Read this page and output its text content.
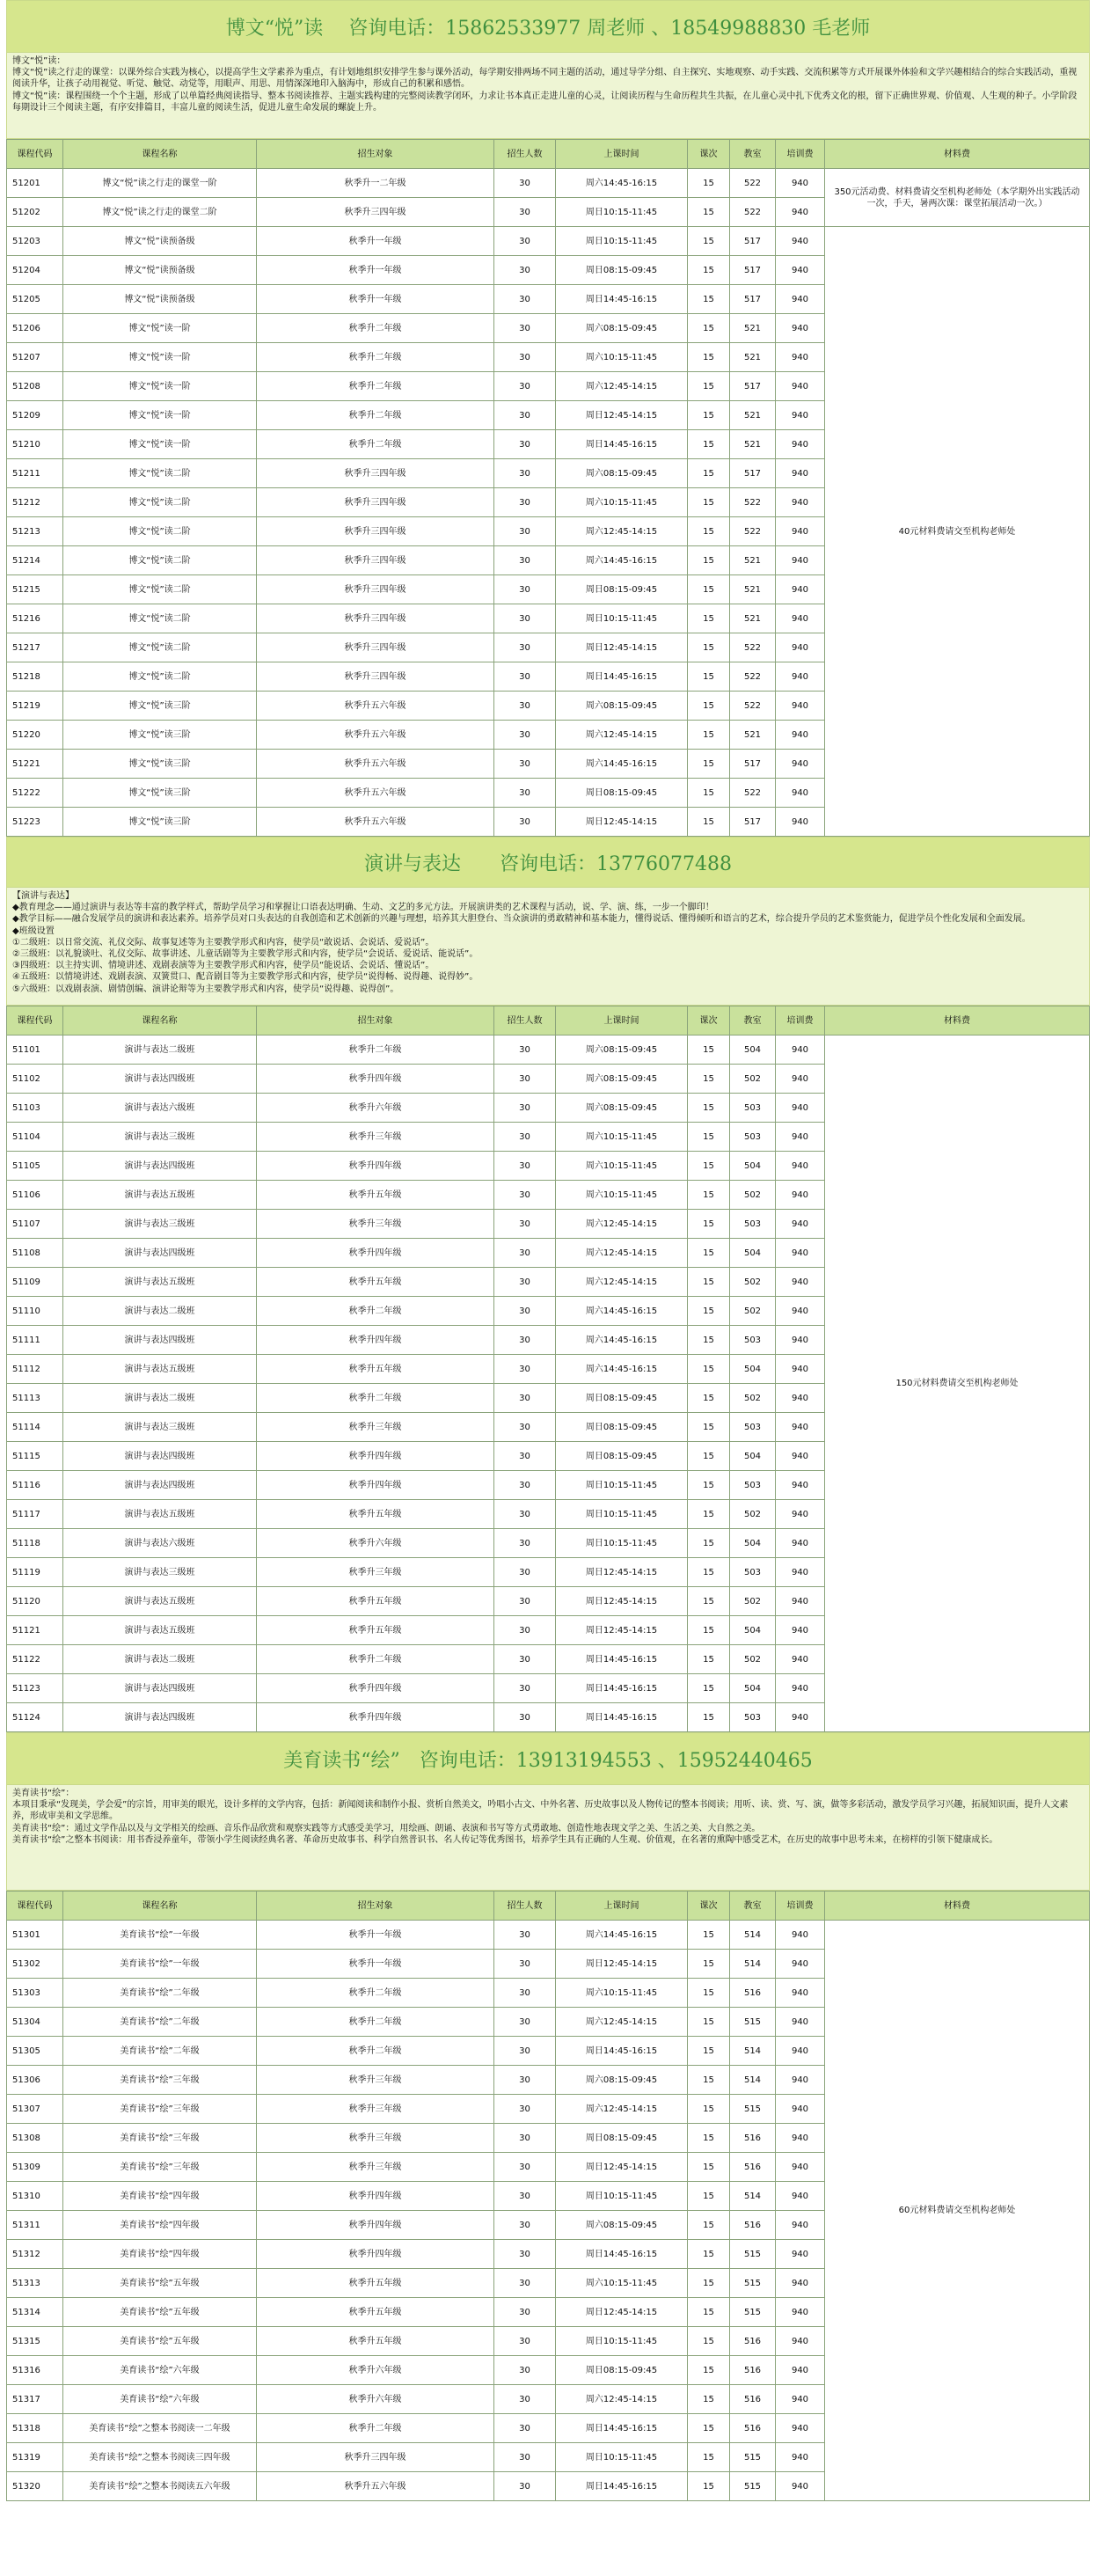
博文“悦”读　 咨询电话：15862533977 周老师 、18549988830 毛老师

博文“悦”读：

博文“悦”读之行走的课堂：以课外综合实践为核心，以提高学生文学素养为重点，有计划地组织安排学生参与课外活动，每学期安排两场不同主题的活动，通过导学分组、自主探究、实地观察、动手实践、交流积累等方式开展课外体验和文学兴趣相结合的综合实践活动，重视阅读升华，让孩子动用视觉、听觉、触觉、动觉等，用眼声、用思、用情深深地印入脑海中，形成自己的积累和感悟。

博文“悦”读：课程围绕一个个主题，形成了以单篇经典阅读指导、整本书阅读推荐、主题实践构建的完整阅读教学闭环，力求让书本真正走进儿童的心灵，让阅读历程与生命历程共生共振，在儿童心灵中扎下优秀文化的根，留下正确世界观、价值观、人生观的种子。小学阶段每期设计三个阅读主题，有序安排篇目，丰富儿童的阅读生活，促进儿童生命发展的螺旋上升。

课程代码	课程名称	招生对象	招生人数	上课时间	课次	教室	培训费	材料费
51201	博文“悦”读之行走的课堂一阶	秋季升一二年级	30	周六14:45-16:15	15	522	940	350元活动费、材料费请交至机构老师处（本学期外出实践活动一次，手天，暑两次课：课堂拓展活动一次。）
51202	博文“悦”读之行走的课堂二阶	秋季升三四年级	30	周日10:15-11:45	15	522	940	
51203	博文“悦”读预备级	秋季升一年级	30	周日10:15-11:45	15	517	940	40元材料费请交至机构老师处
51204	博文“悦”读预备级	秋季升一年级	30	周日08:15-09:45	15	517	940	
51205	博文“悦”读预备级	秋季升一年级	30	周日14:45-16:15	15	517	940	
51206	博文“悦”读一阶	秋季升二年级	30	周六08:15-09:45	15	521	940	
51207	博文“悦”读一阶	秋季升二年级	30	周六10:15-11:45	15	521	940	
51208	博文“悦”读一阶	秋季升二年级	30	周六12:45-14:15	15	517	940	
51209	博文“悦”读一阶	秋季升二年级	30	周日12:45-14:15	15	521	940	
51210	博文“悦”读一阶	秋季升二年级	30	周日14:45-16:15	15	521	940	
51211	博文“悦”读二阶	秋季升三四年级	30	周六08:15-09:45	15	517	940	
51212	博文“悦”读二阶	秋季升三四年级	30	周六10:15-11:45	15	522	940	
51213	博文“悦”读二阶	秋季升三四年级	30	周六12:45-14:15	15	522	940	
51214	博文“悦”读二阶	秋季升三四年级	30	周六14:45-16:15	15	521	940	
51215	博文“悦”读二阶	秋季升三四年级	30	周日08:15-09:45	15	521	940	
51216	博文“悦”读二阶	秋季升三四年级	30	周日10:15-11:45	15	521	940	
51217	博文“悦”读二阶	秋季升三四年级	30	周日12:45-14:15	15	522	940	
51218	博文“悦”读二阶	秋季升三四年级	30	周日14:45-16:15	15	522	940	
51219	博文“悦”读三阶	秋季升五六年级	30	周六08:15-09:45	15	522	940	
51220	博文“悦”读三阶	秋季升五六年级	30	周六12:45-14:15	15	521	940	
51221	博文“悦”读三阶	秋季升五六年级	30	周六14:45-16:15	15	517	940	
51222	博文“悦”读三阶	秋季升五六年级	30	周日08:15-09:45	15	522	940	
51223	博文“悦”读三阶	秋季升五六年级	30	周日12:45-14:15	15	517	940	
演讲与表达　　咨询电话：13776077488

【演讲与表达】

◆教育理念——通过演讲与表达等丰富的教学样式，帮助学员学习和掌握让口语表达明确、生动、文艺的多元方法。开展演讲类的艺术课程与活动，说、学、演、练，一步一个脚印！

◆教学目标——融合发展学员的演讲和表达素养。培养学员对口头表达的自我创造和艺术创新的兴趣与理想，培养其大胆登台、当众演讲的勇敢精神和基本能力，懂得说话、懂得倾听和语言的艺术，综合提升学员的艺术鉴赏能力，促进学员个性化发展和全面发展。

◆班级设置

①二级班：以日常交流、礼仪交际、故事复述等为主要教学形式和内容，使学员“敢说话、会说话、爱说话”。

②三级班：以礼貌谈吐、礼仪交际、故事讲述、儿童话剧等为主要教学形式和内容，使学员“会说话、爱说话、能说话”。

③四级班：以主持实训、情境讲述、戏剧表演等为主要教学形式和内容，使学员“能说话、会说话、懂说话”。

④五级班：以情境讲述、戏剧表演、双簧贯口、配音剧目等为主要教学形式和内容，使学员“说得畅、说得趣、说得妙”。

⑤六级班：以戏剧表演、剧情创编、演讲论辩等为主要教学形式和内容，使学员“说得趣、说得创”。

课程代码	课程名称	招生对象	招生人数	上课时间	课次	教室	培训费	材料费
51101	演讲与表达二级班	秋季升二年级	30	周六08:15-09:45	15	504	940	150元材料费请交至机构老师处
51102	演讲与表达四级班	秋季升四年级	30	周六08:15-09:45	15	502	940	
51103	演讲与表达六级班	秋季升六年级	30	周六08:15-09:45	15	503	940	
51104	演讲与表达三级班	秋季升三年级	30	周六10:15-11:45	15	503	940	
51105	演讲与表达四级班	秋季升四年级	30	周六10:15-11:45	15	504	940	
51106	演讲与表达五级班	秋季升五年级	30	周六10:15-11:45	15	502	940	
51107	演讲与表达三级班	秋季升三年级	30	周六12:45-14:15	15	503	940	
51108	演讲与表达四级班	秋季升四年级	30	周六12:45-14:15	15	504	940	
51109	演讲与表达五级班	秋季升五年级	30	周六12:45-14:15	15	502	940	
51110	演讲与表达二级班	秋季升二年级	30	周六14:45-16:15	15	502	940	
51111	演讲与表达四级班	秋季升四年级	30	周六14:45-16:15	15	503	940	
51112	演讲与表达五级班	秋季升五年级	30	周六14:45-16:15	15	504	940	
51113	演讲与表达二级班	秋季升二年级	30	周日08:15-09:45	15	502	940	
51114	演讲与表达三级班	秋季升三年级	30	周日08:15-09:45	15	503	940	
51115	演讲与表达四级班	秋季升四年级	30	周日08:15-09:45	15	504	940	
51116	演讲与表达四级班	秋季升四年级	30	周日10:15-11:45	15	503	940	
51117	演讲与表达五级班	秋季升五年级	30	周日10:15-11:45	15	502	940	
51118	演讲与表达六级班	秋季升六年级	30	周日10:15-11:45	15	504	940	
51119	演讲与表达三级班	秋季升三年级	30	周日12:45-14:15	15	503	940	
51120	演讲与表达五级班	秋季升五年级	30	周日12:45-14:15	15	502	940	
51121	演讲与表达五级班	秋季升五年级	30	周日12:45-14:15	15	504	940	
51122	演讲与表达二级班	秋季升二年级	30	周日14:45-16:15	15	502	940	
51123	演讲与表达四级班	秋季升四年级	30	周日14:45-16:15	15	504	940	
51124	演讲与表达四级班	秋季升四年级	30	周日14:45-16:15	15	503	940	
美育读书“绘”　咨询电话：13913194553 、15952440465

美育读书“绘”：

本项目秉承“发现美，学会爱”的宗旨，用审美的眼光，设计多样的文学内容，包括：新闻阅读和制作小报、赏析自然美文，吟唱小古文、中外名著、历史故事以及人物传记的整本书阅读；用听、读、赏、写、演，做等多彩活动，激发学员学习兴趣，拓展知识面，提升人文素养，形成审美和文学思维。

美育读书“绘”：通过文学作品以及与文学相关的绘画、音乐作品欣赏和观察实践等方式感受美学习，用绘画、朗诵、表演和书写等方式勇敢地、创造性地表现文学之美、生活之美、大自然之美。

美育读书“绘”之整本书阅读：用书香浸养童年，带领小学生阅读经典名著、革命历史故事书、科学自然普识书、名人传记等优秀图书，培养学生具有正确的人生观、价值观，在名著的熏陶中感受艺术，在历史的故事中思考未来，在榜样的引领下健康成长。

课程代码	课程名称	招生对象	招生人数	上课时间	课次	教室	培训费	材料费
51301	美育读书“绘”一年级	秋季升一年级	30	周六14:45-16:15	15	514	940	60元材料费请交至机构老师处
51302	美育读书“绘”一年级	秋季升一年级	30	周日12:45-14:15	15	514	940	
51303	美育读书“绘”二年级	秋季升二年级	30	周六10:15-11:45	15	516	940	
51304	美育读书“绘”二年级	秋季升二年级	30	周六12:45-14:15	15	515	940	
51305	美育读书“绘”二年级	秋季升二年级	30	周日14:45-16:15	15	514	940	
51306	美育读书“绘”三年级	秋季升三年级	30	周六08:15-09:45	15	514	940	
51307	美育读书“绘”三年级	秋季升三年级	30	周六12:45-14:15	15	515	940	
51308	美育读书“绘”三年级	秋季升三年级	30	周日08:15-09:45	15	516	940	
51309	美育读书“绘”三年级	秋季升三年级	30	周日12:45-14:15	15	516	940	
51310	美育读书“绘”四年级	秋季升四年级	30	周日10:15-11:45	15	514	940	
51311	美育读书“绘”四年级	秋季升四年级	30	周六08:15-09:45	15	516	940	
51312	美育读书“绘”四年级	秋季升四年级	30	周日14:45-16:15	15	515	940	
51313	美育读书“绘”五年级	秋季升五年级	30	周六10:15-11:45	15	515	940	
51314	美育读书“绘”五年级	秋季升五年级	30	周日12:45-14:15	15	515	940	
51315	美育读书“绘”五年级	秋季升五年级	30	周日10:15-11:45	15	516	940	
51316	美育读书“绘”六年级	秋季升六年级	30	周日08:15-09:45	15	516	940	
51317	美育读书“绘”六年级	秋季升六年级	30	周六12:45-14:15	15	516	940	
51318	美育读书“绘”之整本书阅读一二年级	秋季升二年级	30	周日14:45-16:15	15	516	940	
51319	美育读书“绘”之整本书阅读三四年级	秋季升三四年级	30	周日10:15-11:45	15	515	940	
51320	美育读书“绘”之整本书阅读五六年级	秋季升五六年级	30	周日14:45-16:15	15	515	940	
